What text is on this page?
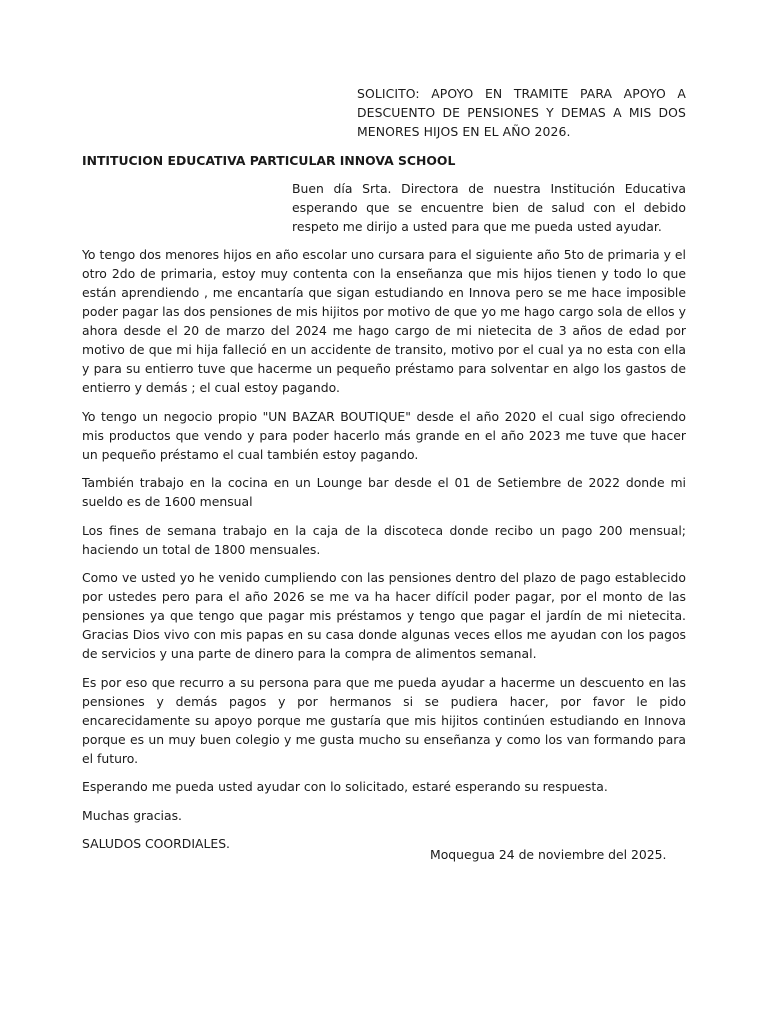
SOLICITO: APOYO EN TRAMITE PARA APOYO A DESCUENTO DE PENSIONES Y DEMAS A MIS DOS MENORES HIJOS EN EL AÑO 2026.
INTITUCION EDUCATIVA PARTICULAR INNOVA SCHOOL
Buen día Srta. Directora de nuestra Institución Educativa esperando que se encuentre bien de salud con el debido respeto me dirijo a usted para que me pueda usted ayudar.

Yo tengo dos menores hijos en año escolar uno cursara para el siguiente año 5to de primaria y el otro 2do de primaria, estoy muy contenta con la enseñanza que mis hijos tienen y todo lo que están aprendiendo , me encantaría que sigan estudiando en Innova pero se me hace imposible poder pagar las dos pensiones de mis hijitos por motivo de que yo me hago cargo sola de ellos y ahora desde el 20 de marzo del 2024 me hago cargo de mi nietecita de 3 años de edad por motivo de que mi hija falleció en un accidente de transito, motivo por el cual ya no esta con ella y para su entierro tuve que hacerme un pequeño préstamo para solventar en algo los gastos de entierro y demás ; el cual estoy pagando.

Yo tengo un negocio propio "UN BAZAR BOUTIQUE" desde el año 2020 el cual sigo ofreciendo mis productos que vendo y para poder hacerlo más grande en el año 2023 me tuve que hacer un pequeño préstamo el cual también estoy pagando.

También trabajo en la cocina en un Lounge bar desde el 01 de Setiembre de 2022 donde mi sueldo es de 1600 mensual

Los fines de semana trabajo en la caja de la discoteca donde recibo un pago 200 mensual; haciendo un total de 1800 mensuales.

Como ve usted yo he venido cumpliendo con las pensiones dentro del plazo de pago establecido por ustedes pero para el año 2026 se me va ha hacer difícil poder pagar, por el monto de las pensiones ya que tengo que pagar mis préstamos y tengo que pagar el jardín de mi nietecita. Gracias Dios vivo con mis papas en su casa donde algunas veces ellos me ayudan con los pagos de servicios y una parte de dinero para la compra de alimentos semanal.

Es por eso que recurro a su persona para que me pueda ayudar a hacerme un descuento en las pensiones y demás pagos y por hermanos si se pudiera hacer, por favor le pido encarecidamente su apoyo porque me gustaría que mis hijitos continúen estudiando en Innova porque es un muy buen colegio y me gusta mucho su enseñanza y como los van formando para el futuro.

Esperando me pueda usted ayudar con lo solicitado, estaré esperando su respuesta.

Muchas gracias.

SALUDOS COORDIALES.

Moquegua 24 de noviembre del 2025.
